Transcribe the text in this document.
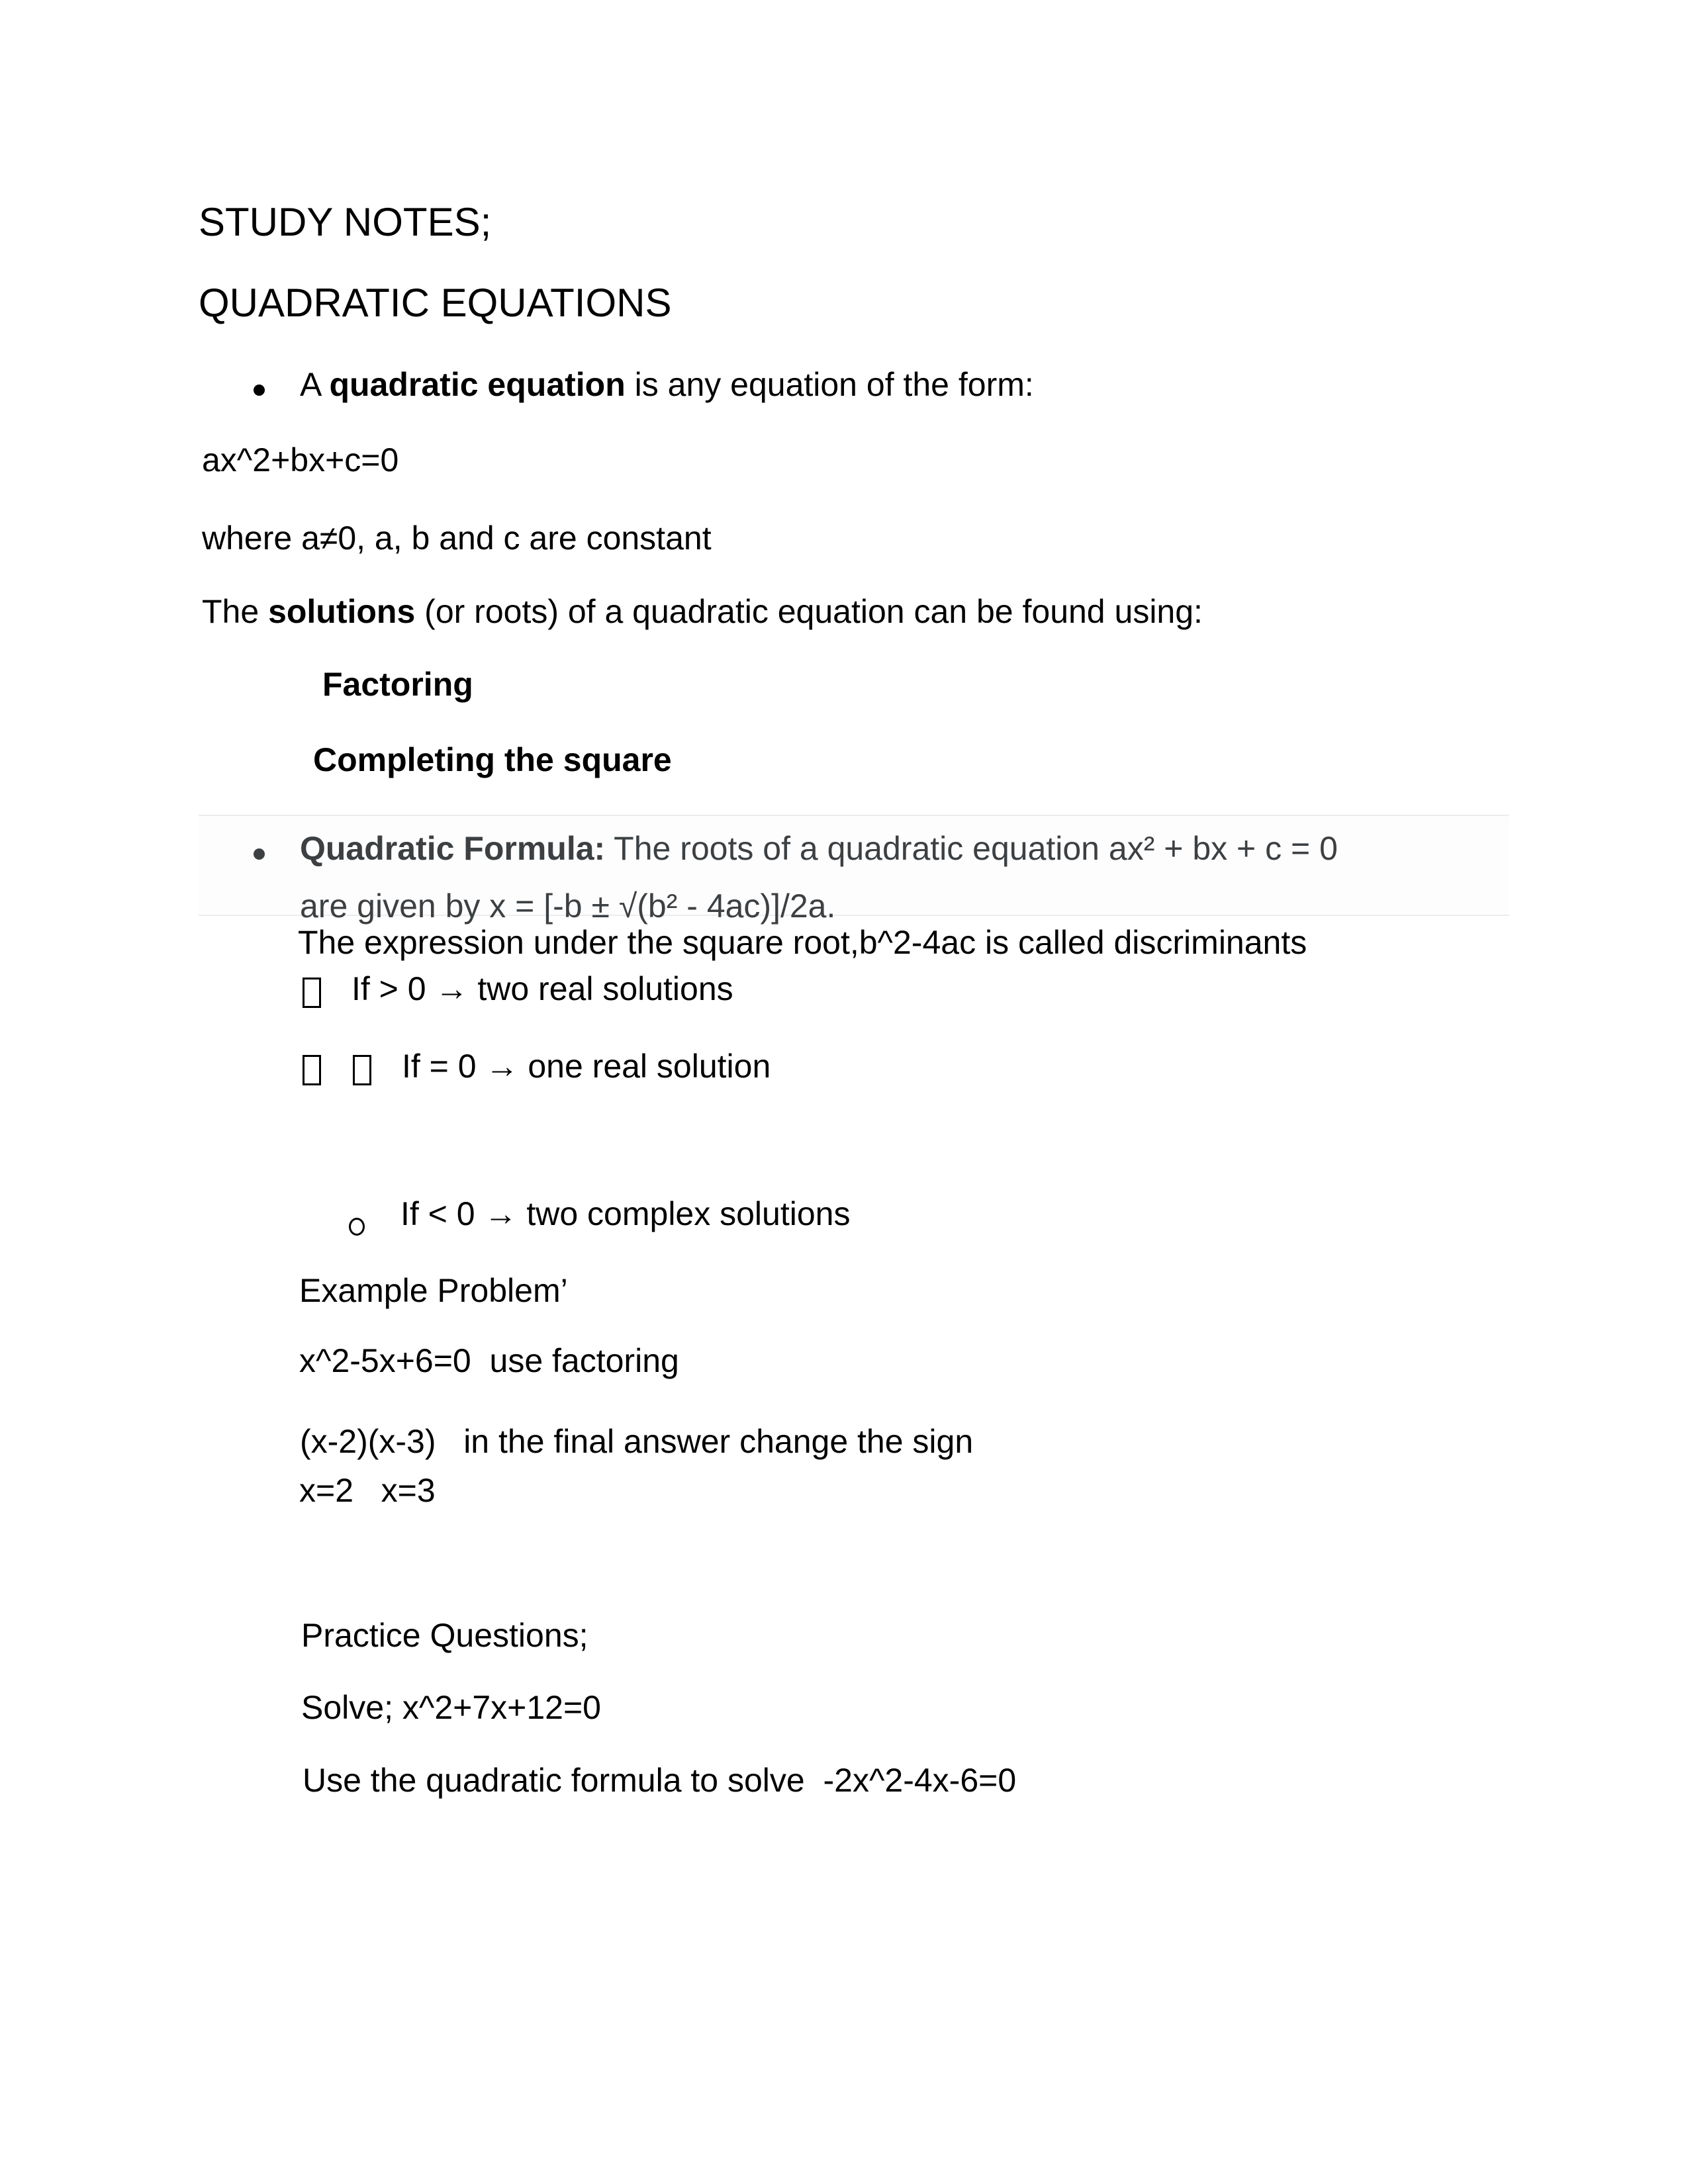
STUDY NOTES;
QUADRATIC EQUATIONS
A quadratic equation is any equation of the form:
ax^2+bx+c=0
where a≠0, a, b and c are constant
The solutions (or roots) of a quadratic equation can be found using:
Factoring
Completing the square
Quadratic Formula: The roots of a quadratic equation ax² + bx + c = 0
are given by x = [-b ± √(b² - 4ac)]/2a.
The expression under the square root,b^2-4ac is called discriminants
If > 0 → two real solutions
If = 0 → one real solution
If < 0 → two complex solutions
Example Problem’
x^2-5x+6=0  use factoring
(x-2)(x-3)   in the final answer change the sign
x=2   x=3
Practice Questions;
Solve; x^2+7x+12=0
Use the quadratic formula to solve  -2x^2-4x-6=0
